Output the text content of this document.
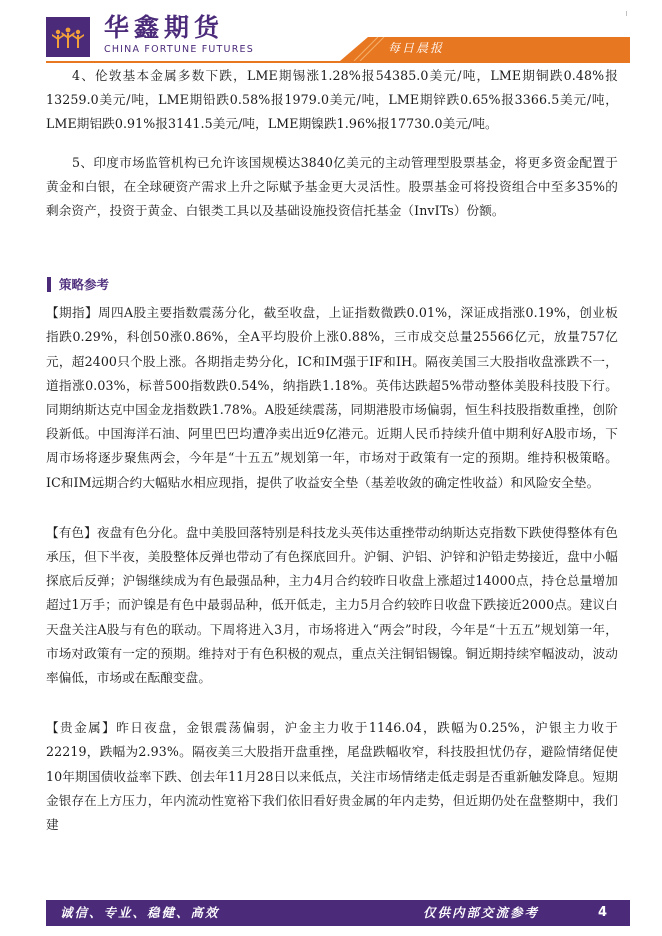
华鑫期货
CHINA FORTUNE FUTURES	每日晨报

4、伦敦基本金属多数下跌，LME期锡涨1.28%报54385.0美元/吨，LME期铜跌0.48%报13259.0美元/吨，LME期铅跌0.58%报1979.0美元/吨，LME期锌跌0.65%报3366.5美元/吨，LME期铝跌0.91%报3141.5美元/吨，LME期镍跌1.96%报17730.0美元/吨。

5、印度市场监管机构已允许该国规模达3840亿美元的主动管理型股票基金，将更多资金配置于黄金和白银，在全球硬资产需求上升之际赋予基金更大灵活性。股票基金可将投资组合中至多35%的剩余资产，投资于黄金、白银类工具以及基础设施投资信托基金（InvITs）份额。

策略参考

【期指】周四A股主要指数震荡分化，截至收盘，上证指数微跌0.01%，深证成指涨0.19%，创业板指跌0.29%，科创50涨0.86%，全A平均股价上涨0.88%，三市成交总量25566亿元，放量757亿元，超2400只个股上涨。各期指走势分化，IC和IM强于IF和IH。隔夜美国三大股指收盘涨跌不一，道指涨0.03%，标普500指数跌0.54%，纳指跌1.18%。英伟达跌超5%带动整体美股科技股下行。同期纳斯达克中国金龙指数跌1.78%。A股延续震荡，同期港股市场偏弱，恒生科技股指数重挫，创阶段新低。中国海洋石油、阿里巴巴均遭净卖出近9亿港元。近期人民币持续升值中期利好A股市场，下周市场将逐步聚焦两会，今年是“十五五”规划第一年，市场对于政策有一定的预期。维持积极策略。IC和IM远期合约大幅贴水相应现指，提供了收益安全垫（基差收敛的确定性收益）和风险安全垫。

【有色】夜盘有色分化。盘中美股回落特别是科技龙头英伟达重挫带动纳斯达克指数下跌使得整体有色承压，但下半夜，美股整体反弹也带动了有色探底回升。沪铜、沪铝、沪锌和沪铅走势接近，盘中小幅探底后反弹；沪锡继续成为有色最强品种，主力4月合约较昨日收盘上涨超过14000点，持仓总量增加超过1万手；而沪镍是有色中最弱品种，低开低走，主力5月合约较昨日收盘下跌接近2000点。建议白天盘关注A股与有色的联动。下周将进入3月，市场将进入“两会”时段，今年是“十五五”规划第一年，市场对政策有一定的预期。维持对于有色积极的观点，重点关注铜铝锡镍。铜近期持续窄幅波动，波动率偏低，市场或在酝酿变盘。

【贵金属】昨日夜盘，金银震荡偏弱，沪金主力收于1146.04，跌幅为0.25%，沪银主力收于22219，跌幅为2.93%。隔夜美三大股指开盘重挫，尾盘跌幅收窄，科技股担忧仍存，避险情绪促使10年期国债收益率下跌、创去年11月28日以来低点，关注市场情绪走低走弱是否重新触发降息。短期金银存在上方压力，年内流动性宽裕下我们依旧看好贵金属的年内走势，但近期仍处在盘整期中，我们建

诚信、专业、稳健、高效	仅供内部交流参考	4
